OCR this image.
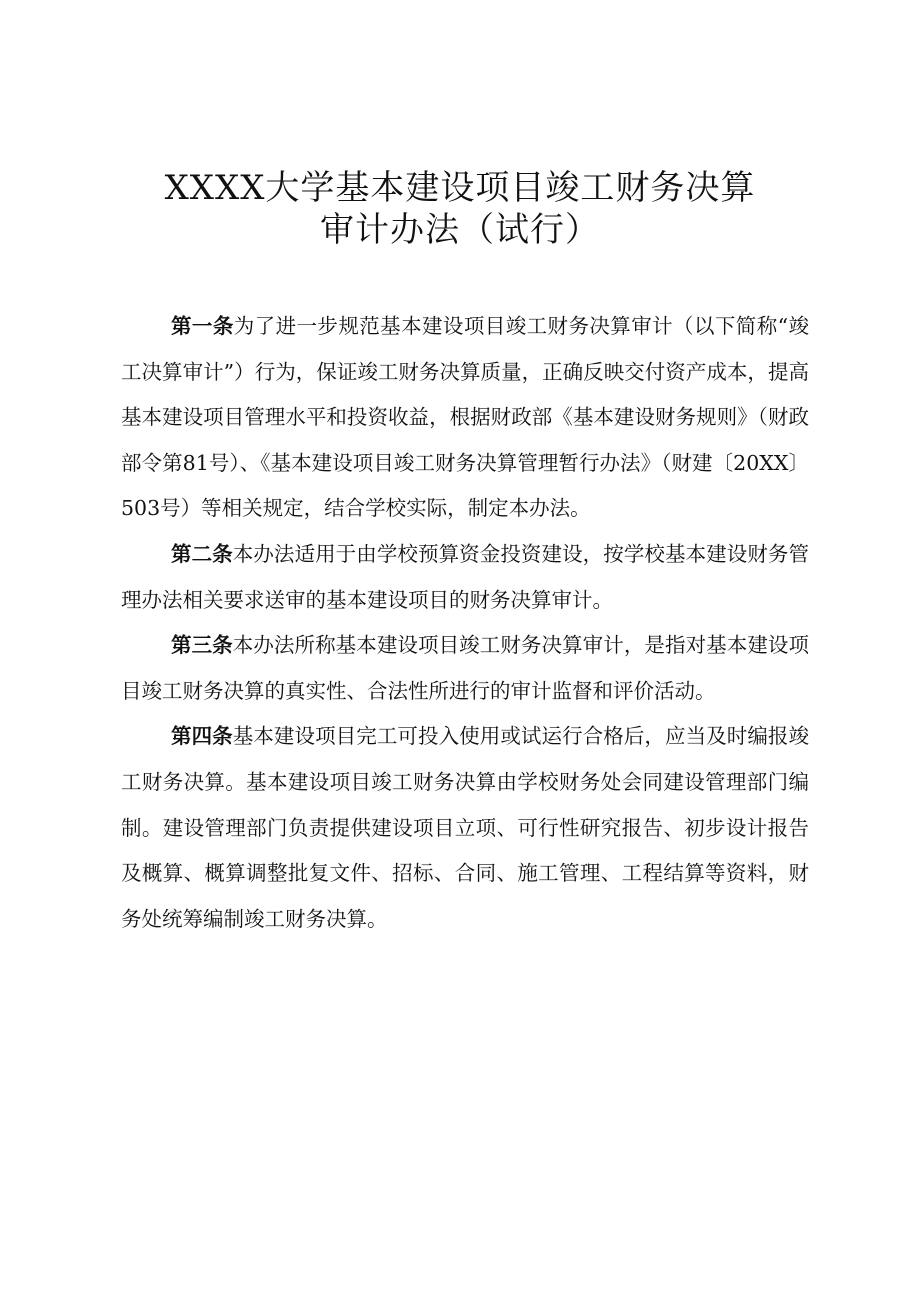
XXXX大学基本建设项目竣工财务决算
审计办法（试行）

第一条为了进一步规范基本建设项目竣工财务决算审计（以下简称“竣工决算审计”）行为，保证竣工财务决算质量，正确反映交付资产成本，提高基本建设项目管理水平和投资收益，根据财政部《基本建设财务规则》（财政部令第81号）、《基本建设项目竣工财务决算管理暂行办法》（财建〔20XX〕503号）等相关规定，结合学校实际，制定本办法。

第二条本办法适用于由学校预算资金投资建设，按学校基本建设财务管理办法相关要求送审的基本建设项目的财务决算审计。

第三条本办法所称基本建设项目竣工财务决算审计，是指对基本建设项目竣工财务决算的真实性、合法性所进行的审计监督和评价活动。

第四条基本建设项目完工可投入使用或试运行合格后，应当及时编报竣工财务决算。基本建设项目竣工财务决算由学校财务处会同建设管理部门编制。建设管理部门负责提供建设项目立项、可行性研究报告、初步设计报告及概算、概算调整批复文件、招标、合同、施工管理、工程结算等资料，财务处统筹编制竣工财务决算。
